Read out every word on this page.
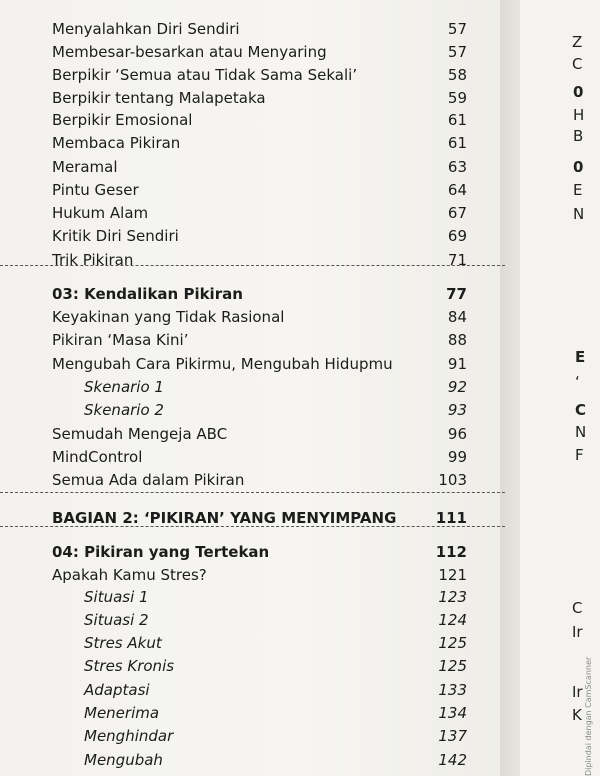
Menyalahkan Diri Sendiri	57
Membesar-besarkan atau Menyaring	57
Berpikir ‘Semua atau Tidak Sama Sekali’	58
Berpikir tentang Malapetaka	59
Berpikir Emosional	61
Membaca Pikiran	61
Meramal	63
Pintu Geser	64
Hukum Alam	67
Kritik Diri Sendiri	69
Trik Pikiran	71
03: Kendalikan Pikiran	77
Keyakinan yang Tidak Rasional	84
Pikiran ‘Masa Kini’	88
Mengubah Cara Pikirmu, Mengubah Hidupmu	91
Skenario 1	92
Skenario 2	93
Semudah Mengeja ABC	96
MindControl	99
Semua Ada dalam Pikiran	103
BAGIAN 2: ‘PIKIRAN’ YANG MENYIMPANG	111
04: Pikiran yang Tertekan	112
Apakah Kamu Stres?	121
Situasi 1	123
Situasi 2	124
Stres Akut	125
Stres Kronis	125
Adaptasi	133
Menerima	134
Menghindar	137
Mengubah	142
Z
C
0
H
B
0
E
N
E
‘
C
N
F
C
Ir
Ir
K Dipindai dengan CamScanner
